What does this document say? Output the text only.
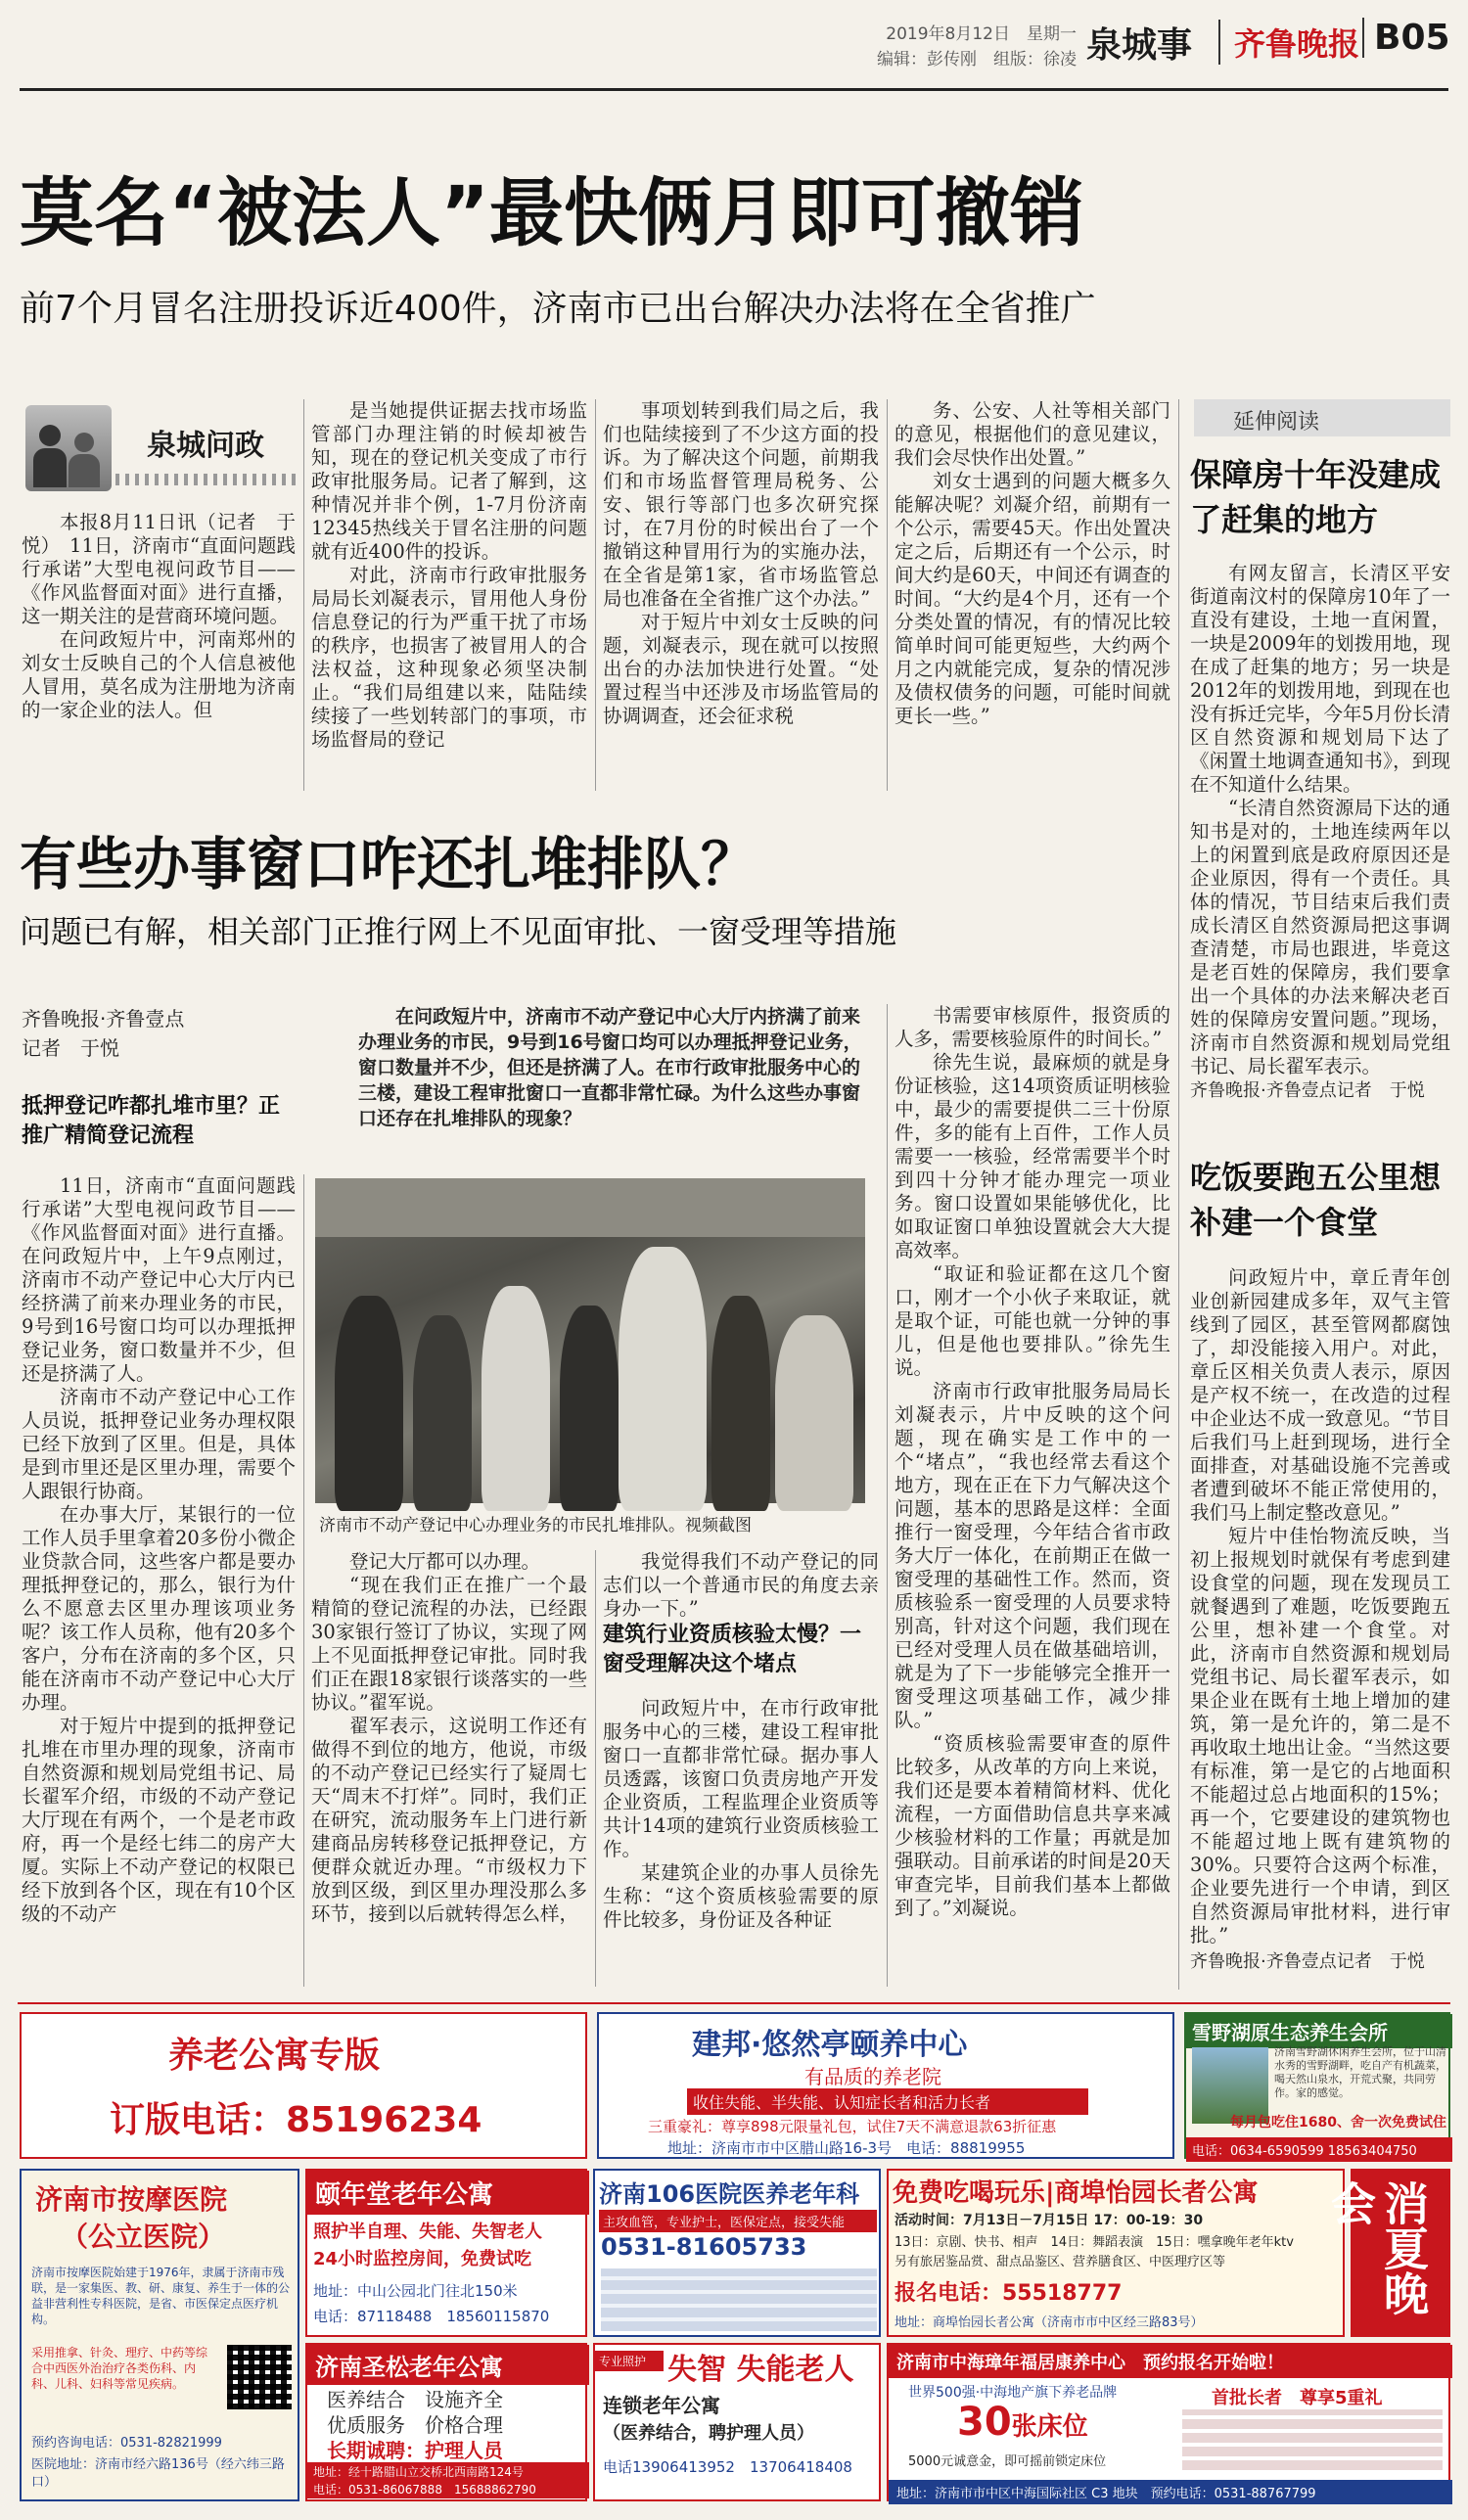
2019年8月12日　星期一
编辑：彭传刚　组版：徐凌 泉城事	齐鲁晚报 B05
莫名“被法人”最快俩月即可撤销
前7个月冒名注册投诉近400件，济南市已出台解决办法将在全省推广
泉城问政

本报8月11日讯（记者　于悦）　11日，济南市“直面问题践行承诺”大型电视问政节目——《作风监督面对面》进行直播，这一期关注的是营商环境问题。

在问政短片中，河南郑州的刘女士反映自己的个人信息被他人冒用，莫名成为注册地为济南的一家企业的法人。但

是当她提供证据去找市场监管部门办理注销的时候却被告知，现在的登记机关变成了市行政审批服务局。记者了解到，这种情况并非个例，1-7月份济南12345热线关于冒名注册的问题就有近400件的投诉。

对此，济南市行政审批服务局局长刘凝表示，冒用他人身份信息登记的行为严重干扰了市场的秩序，也损害了被冒用人的合法权益，这种现象必须坚决制止。“我们局组建以来，陆陆续续接了一些划转部门的事项，市场监督局的登记

事项划转到我们局之后，我们也陆续接到了不少这方面的投诉。为了解决这个问题，前期我们和市场监督管理局税务、公安、银行等部门也多次研究探讨，在7月份的时候出台了一个撤销这种冒用行为的实施办法，在全省是第1家，省市场监管总局也准备在全省推广这个办法。”

对于短片中刘女士反映的问题，刘凝表示，现在就可以按照出台的办法加快进行处置。“处置过程当中还涉及市场监管局的协调调查，还会征求税

务、公安、人社等相关部门的意见，根据他们的意见建议，我们会尽快作出处置。”

刘女士遇到的问题大概多久能解决呢？刘凝介绍，前期有一个公示，需要45天。作出处置决定之后，后期还有一个公示，时间大约是60天，中间还有调查的时间。“大约是4个月，还有一个分类处置的情况，有的情况比较简单时间可能更短些，大约两个月之内就能完成，复杂的情况涉及债权债务的问题，可能时间就更长一些。”

延伸阅读
保障房十年没建成了赶集的地方

有网友留言，长清区平安街道南汶村的保障房10年了一直没有建设，土地一直闲置，一块是2009年的划拨用地，现在成了赶集的地方；另一块是2012年的划拨用地，到现在也没有拆迁完毕，今年5月份长清区自然资源和规划局下达了《闲置土地调查通知书》，到现在不知道什么结果。

“长清自然资源局下达的通知书是对的，土地连续两年以上的闲置到底是政府原因还是企业原因，得有一个责任。具体的情况，节目结束后我们责成长清区自然资源局把这事调查清楚，市局也跟进，毕竟这是老百姓的保障房，我们要拿出一个具体的办法来解决老百姓的保障房安置问题。”现场，济南市自然资源和规划局党组书记、局长翟军表示。

齐鲁晚报·齐鲁壹点记者　于悦
吃饭要跑五公里想补建一个食堂

问政短片中，章丘青年创业创新园建成多年，双气主管线到了园区，甚至管网都腐蚀了，却没能接入用户。对此，章丘区相关负责人表示，原因是产权不统一，在改造的过程中企业达不成一致意见。“节目后我们马上赶到现场，进行全面排查，对基础设施不完善或者遭到破坏不能正常使用的，我们马上制定整改意见。”

短片中佳怡物流反映，当初上报规划时就保有考虑到建设食堂的问题，现在发现员工就餐遇到了难题，吃饭要跑五公里，想补建一个食堂。对此，济南市自然资源和规划局党组书记、局长翟军表示，如果企业在既有土地上增加的建筑，第一是允许的，第二是不再收取土地出让金。“当然这要有标准，第一是它的占地面积不能超过总占地面积的15%；再一个，它要建设的建筑物也不能超过地上既有建筑物的30%。只要符合这两个标准，企业要先进行一个申请，到区自然资源局审批材料，进行审批。”

齐鲁晚报·齐鲁壹点记者　于悦
有些办事窗口咋还扎堆排队？
问题已有解，相关部门正推行网上不见面审批、一窗受理等措施
齐鲁晚报·齐鲁壹点
记者　于悦
抵押登记咋都扎堆市里？正推广精简登记流程
在问政短片中，济南市不动产登记中心大厅内挤满了前来办理业务的市民，9号到16号窗口均可以办理抵押登记业务，窗口数量并不少，但还是挤满了人。在市行政审批服务中心的三楼，建设工程审批窗口一直都非常忙碌。为什么这些办事窗口还存在扎堆排队的现象？
济南市不动产登记中心办理业务的市民扎堆排队。视频截图

11日，济南市“直面问题践行承诺”大型电视问政节目——《作风监督面对面》进行直播。在问政短片中，上午9点刚过，济南市不动产登记中心大厅内已经挤满了前来办理业务的市民，9号到16号窗口均可以办理抵押登记业务，窗口数量并不少，但还是挤满了人。

济南市不动产登记中心工作人员说，抵押登记业务办理权限已经下放到了区里。但是，具体是到市里还是区里办理，需要个人跟银行协商。

在办事大厅，某银行的一位工作人员手里拿着20多份小微企业贷款合同，这些客户都是要办理抵押登记的，那么，银行为什么不愿意去区里办理该项业务呢？该工作人员称，他有20多个客户，分布在济南的多个区，只能在济南市不动产登记中心大厅办理。

对于短片中提到的抵押登记扎堆在市里办理的现象，济南市自然资源和规划局党组书记、局长翟军介绍，市级的不动产登记大厅现在有两个，一个是老市政府，再一个是经七纬二的房产大厦。实际上不动产登记的权限已经下放到各个区，现在有10个区级的不动产

登记大厅都可以办理。

“现在我们正在推广一个最精简的登记流程的办法，已经跟30家银行签订了协议，实现了网上不见面抵押登记审批。同时我们正在跟18家银行谈落实的一些协议。”翟军说。

翟军表示，这说明工作还有做得不到位的地方，他说，市级的不动产登记已经实行了疑周七天“周末不打烊”。同时，我们正在研究，流动服务车上门进行新建商品房转移登记抵押登记，方便群众就近办理。“市级权力下放到区级，到区里办理没那么多环节，接到以后就转得怎么样，

我觉得我们不动产登记的同志们以一个普通市民的角度去亲身办一下。”

建筑行业资质核验太慢？一窗受理解决这个堵点

问政短片中，在市行政审批服务中心的三楼，建设工程审批窗口一直都非常忙碌。据办事人员透露，该窗口负责房地产开发企业资质，工程监理企业资质等共计14项的建筑行业资质核验工作。

某建筑企业的办事人员徐先生称：“这个资质核验需要的原件比较多，身份证及各种证

书需要审核原件，报资质的人多，需要核验原件的时间长。”

徐先生说，最麻烦的就是身份证核验，这14项资质证明核验中，最少的需要提供二三十份原件，多的能有上百件，工作人员需要一一核验，经常需要半个时到四十分钟才能办理完一项业务。窗口设置如果能够优化，比如取证窗口单独设置就会大大提高效率。

“取证和验证都在这几个窗口，刚才一个小伙子来取证，就是取个证，可能也就一分钟的事儿，但是他也要排队。”徐先生说。

济南市行政审批服务局局长刘凝表示，片中反映的这个问题，现在确实是工作中的一个“堵点”，“我也经常去看这个地方，现在正在下力气解决这个问题，基本的思路是这样：全面推行一窗受理，今年结合省市政务大厅一体化，在前期正在做一窗受理的基础性工作。然而，资质核验系一窗受理的人员要求特别高，针对这个问题，我们现在已经对受理人员在做基础培训，就是为了下一步能够完全推开一窗受理这项基础工作，减少排队。”

“资质核验需要审查的原件比较多，从改革的方向上来说，我们还是要本着精简材料、优化流程，一方面借助信息共享来减少核验材料的工作量；再就是加强联动。目前承诺的时间是20天审查完毕，目前我们基本上都做到了。”刘凝说。

养老公寓专版
订版电话：85196234
建邦·悠然亭颐养中心
有品质的养老院
收住失能、半失能、认知症长者和活力长者
三重豪礼：尊享898元限量礼包，试住7天不满意退款63折征惠
地址：济南市市中区腊山路16-3号　电话：88819955
雪野湖原生态养生会所
济南雪野湖休闲养生会所，位于山清水秀的雪野湖畔，吃自产有机蔬菜，喝天然山泉水，开荒式聚，共同劳作。家的感觉。
每月包吃住1680、舍一次免费试住
电话：0634-6590599 18563404750
济南市按摩医院
（公立医院）
济南市按摩医院始建于1976年，隶属于济南市残联，是一家集医、教、研、康复、养生于一体的公益非营利性专科医院，是省、市医保定点医疗机构。
采用推拿、针灸、理疗、中药等综合中西医外治治疗各类伤科、内科、儿科、妇科等常见疾病。
预约咨询电话：0531-82821999
医院地址：济南市经六路136号（经六纬三路口）
颐年堂老年公寓
照护半自理、失能、失智老人
24小时监控房间，免费试吃
地址：中山公园北门往北150米
电话：87118488　18560115870
济南圣松老年公寓
医养结合　设施齐全
优质服务　价格合理
长期诚聘：护理人员
地址：经十路腊山立交桥北西南路124号
电话：0531-86067888　15688862790
济南106医院医养老年科
主攻血管，专业护士，医保定点，接受失能
0531-81605733
专业照护 失智 失能老人
连锁老年公寓
（医养结合，聘护理人员）
电话13906413952　13706418408
免费吃喝玩乐|商埠怡园长者公寓
活动时间：7月13日－7月15日 17：00-19：30
13日：京剧、快书、相声　14日：舞蹈表演　15日：嘿拿晚年老年ktv
另有旅居鉴品赏、甜点品鉴区、营养膳食区、中医理疗区等
报名电话：55518777
地址：商埠怡园长者公寓（济南市市中区经三路83号）
消夏晚会
济南市中海璋年福居康养中心　预约报名开始啦！
世界500强·中海地产旗下养老品牌
30张床位
5000元诚意金，即可摇前锁定床位
首批长者　尊享5重礼
地址：济南市市中区中海国际社区 C3 地块　预约电话：0531-88767799
